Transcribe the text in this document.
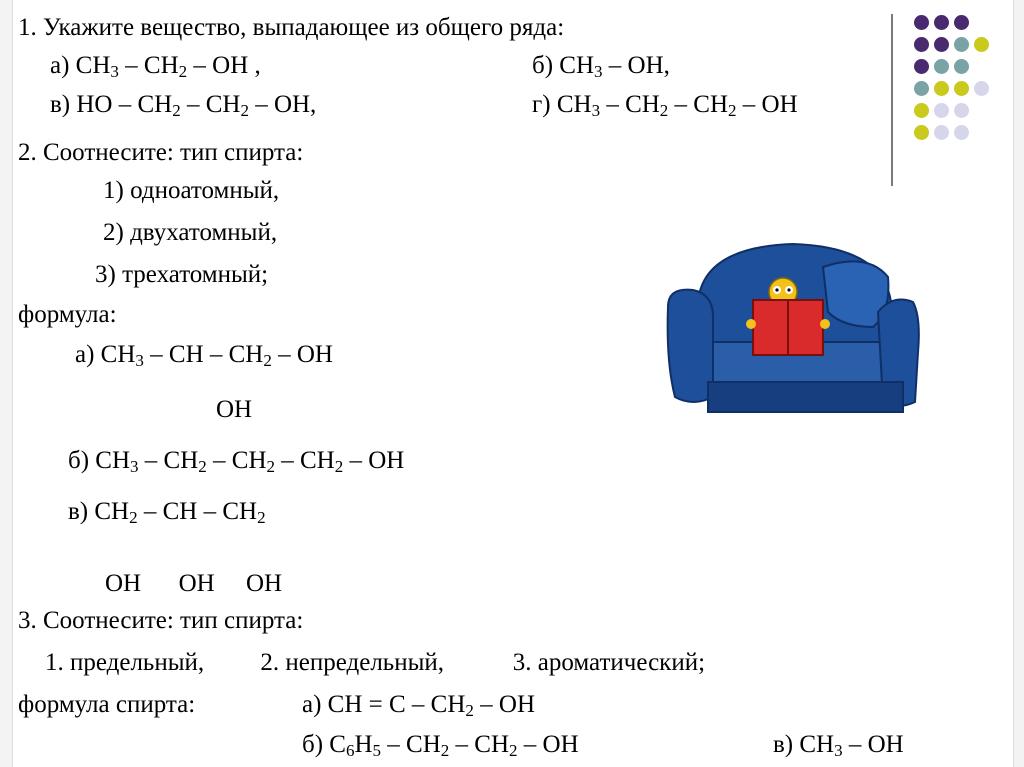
1. Укажите вещество, выпадающее из общего ряда:
а) $CH_3 - CH_2$ – OH ,	б) $CH_3$ – OH,
в) HO – $CH_2 - CH_2$ – OH,	г) $CH_3 - CH_2 - CH_2$ – OH
2. Соотнесите: тип спирта:
1) одноатомный,
2) двухатомный,
3) трехатомный;
формула:
а) $CH_3$ – CH – $CH_2$ – OH
OH
б) $CH_3 - CH_2 - CH_2 - CH_2$ – OH
в) $CH_2$ – CH – $CH_2$
OH      OH     OH
3. Соотнесите: тип спирта:
1. предельный,         2. непредельный,           3. ароматический;
формула спирта:	а) CH = C – $CH_2$ – OH
б) $C_6H_5 - CH_2 - CH_2$ – OH	в) $CH_3$ – OH
